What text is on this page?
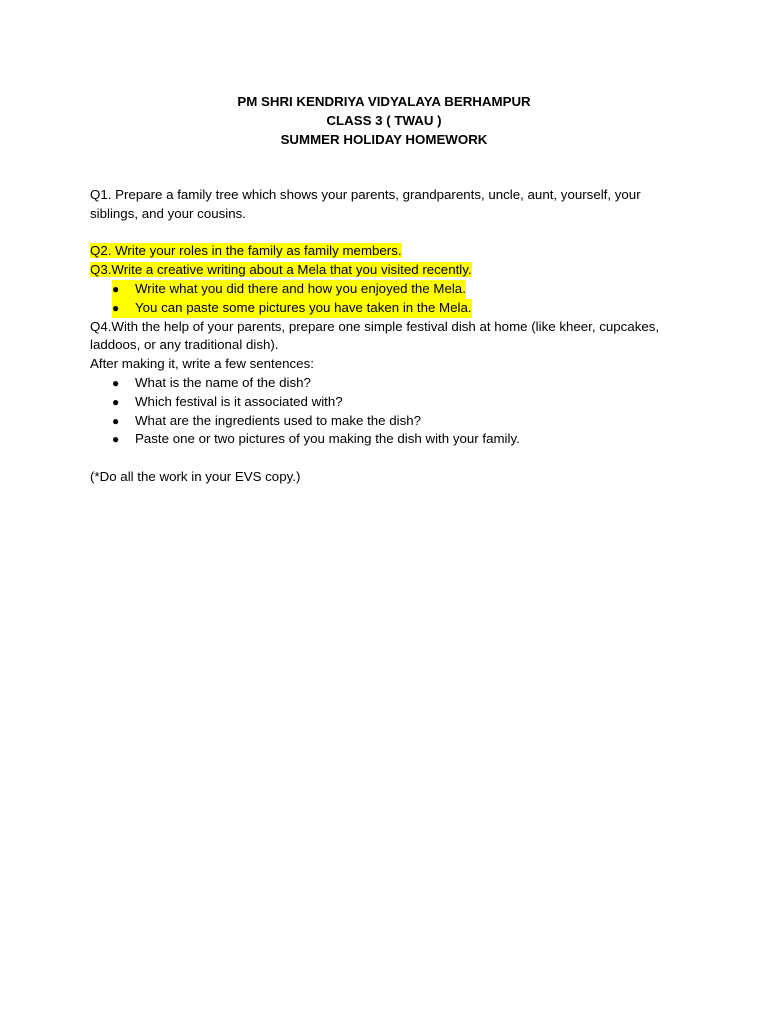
PM SHRI KENDRIYA VIDYALAYA BERHAMPUR
CLASS 3 ( TWAU )
SUMMER HOLIDAY HOMEWORK

Q1. Prepare a family tree which shows your parents, grandparents, uncle, aunt, yourself, your siblings, and your cousins.

Q2. Write your roles in the family as family members.
Q3.Write a creative writing about a Mela that you visited recently.
● Write what you did there and how you enjoyed the Mela.
● You can paste some pictures you have taken in the Mela.

Q4.With the help of your parents, prepare one simple festival dish at home (like kheer, cupcakes, laddoos, or any traditional dish).

After making it, write a few sentences:

●	What is the name of the dish?
●	Which festival is it associated with?
●	What are the ingredients used to make the dish?
●	Paste one or two pictures of you making the dish with your family.

(*Do all the work in your EVS copy.)
